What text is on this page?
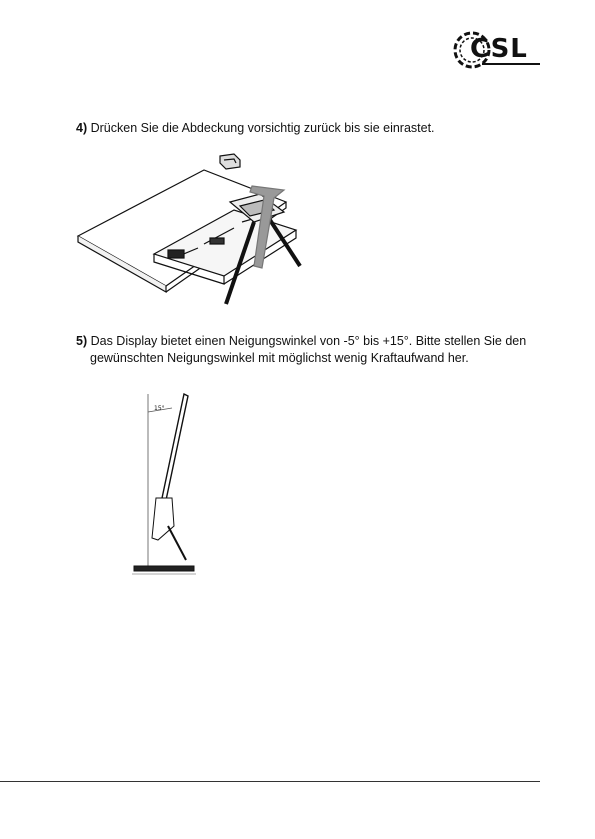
CSL
4) Drücken Sie die Abdeckung vorsichtig zurück bis sie einrastet.
5) Das Display bietet einen Neigungswinkel von -5° bis +15°. Bitte stellen Sie den
gewünschten Neigungswinkel mit möglichst wenig Kraftaufwand her.
15°
